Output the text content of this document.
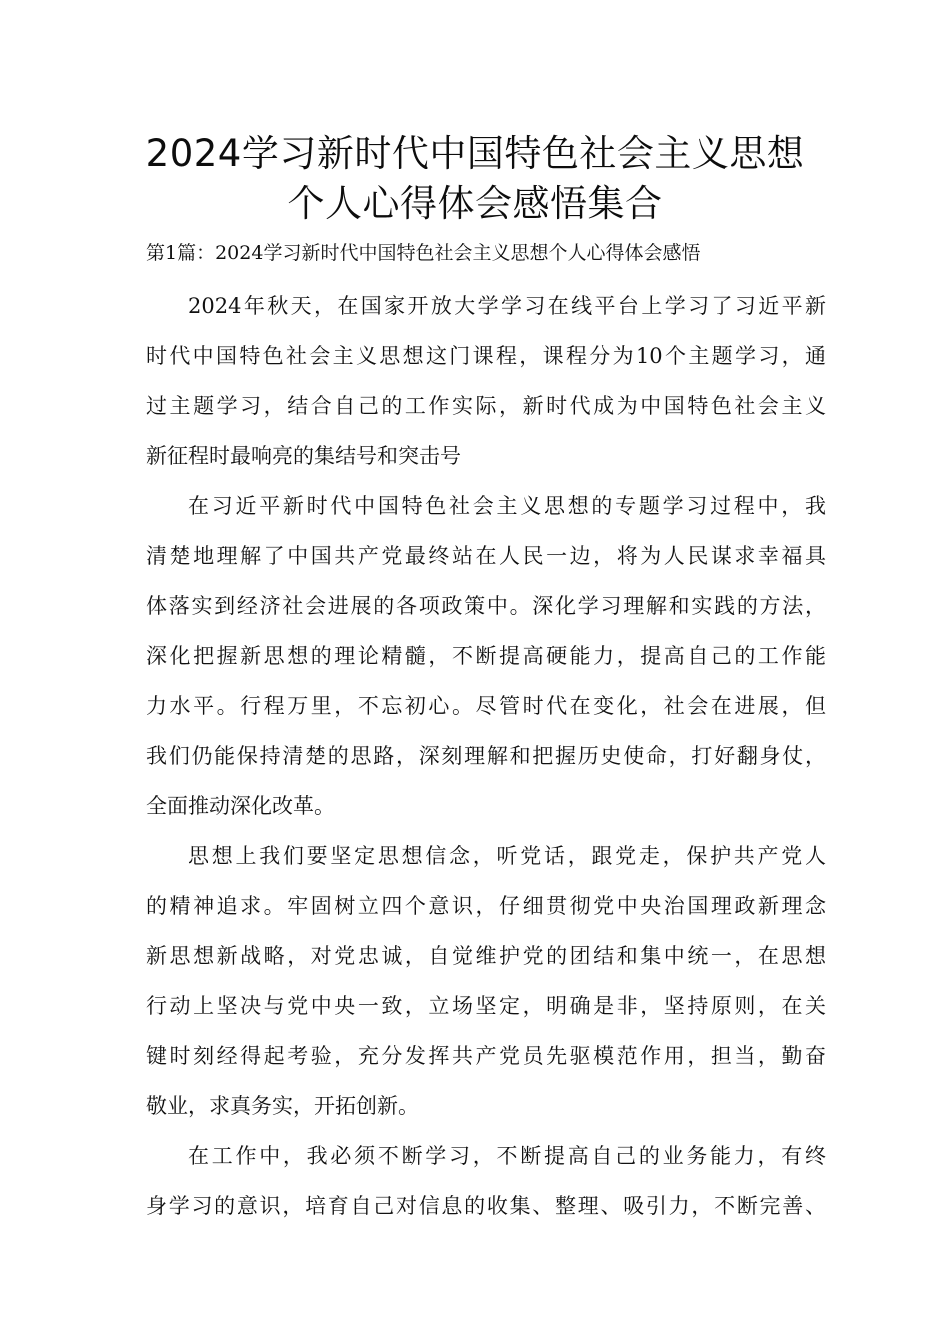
2024学习新时代中国特色社会主义思想
个人心得体会感悟集合
第1篇：2024学习新时代中国特色社会主义思想个人心得体会感悟
2024年秋天，在国家开放大学学习在线平台上学习了习近平新
时代中国特色社会主义思想这门课程，课程分为10个主题学习，通
过主题学习，结合自己的工作实际，新时代成为中国特色社会主义
新征程时最响亮的集结号和突击号
在习近平新时代中国特色社会主义思想的专题学习过程中，我
清楚地理解了中国共产党最终站在人民一边，将为人民谋求幸福具
体落实到经济社会进展的各项政策中。深化学习理解和实践的方法，
深化把握新思想的理论精髓，不断提高硬能力，提高自己的工作能
力水平。行程万里，不忘初心。尽管时代在变化，社会在进展，但
我们仍能保持清楚的思路，深刻理解和把握历史使命，打好翻身仗，
全面推动深化改革。
思想上我们要坚定思想信念，听党话，跟党走，保护共产党人
的精神追求。牢固树立四个意识，仔细贯彻党中央治国理政新理念
新思想新战略，对党忠诚，自觉维护党的团结和集中统一，在思想
行动上坚决与党中央一致，立场坚定，明确是非，坚持原则，在关
键时刻经得起考验，充分发挥共产党员先驱模范作用，担当，勤奋
敬业，求真务实，开拓创新。
在工作中，我必须不断学习，不断提高自己的业务能力，有终
身学习的意识，培育自己对信息的收集、整理、吸引力，不断完善、
